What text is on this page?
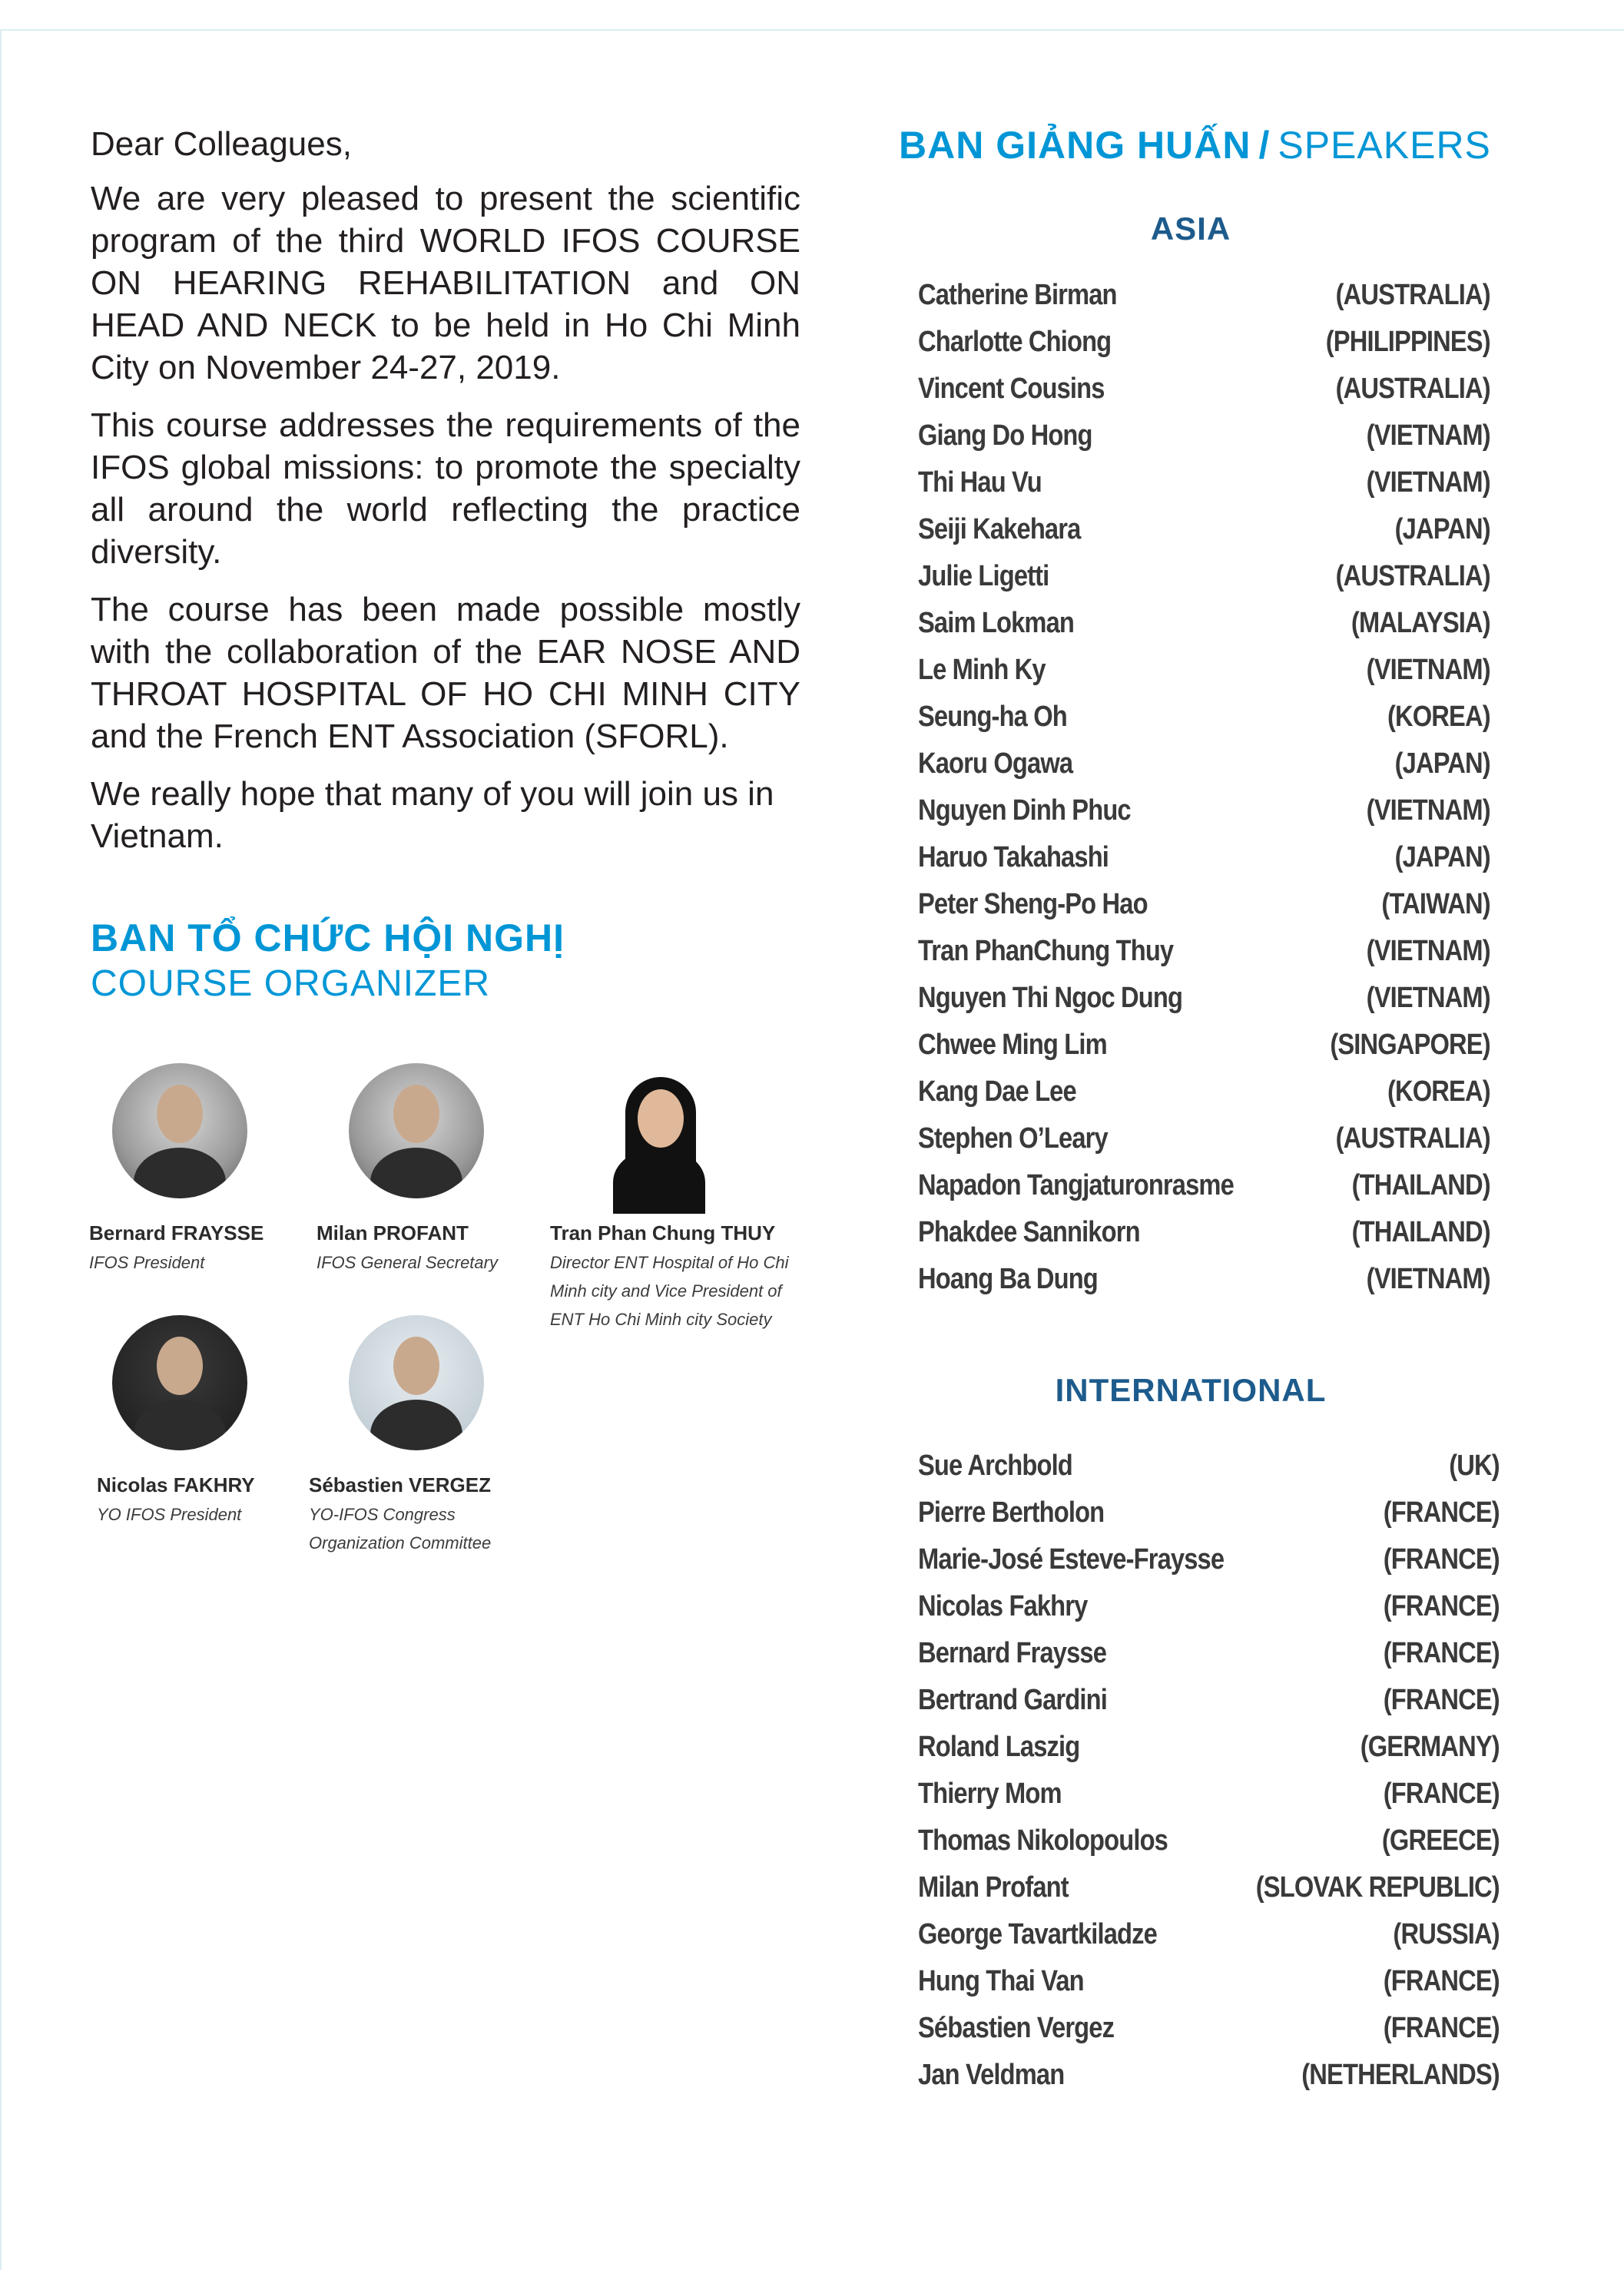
Dear Colleagues,

We are very pleased to present the scientific program of the third WORLD IFOS COURSE ON HEARING REHABILITATION and ON HEAD AND NECK to be held in Ho Chi Minh City on November 24-27, 2019.

This course addresses the requirements of the IFOS global missions: to promote the specialty all around the world reflecting the practice diversity.

The course has been made possible mostly with the collaboration of the EAR NOSE AND THROAT HOSPITAL OF HO CHI MINH CITY and the French ENT Association (SFORL).

We really hope that many of you will join us in Vietnam.

BAN TỔ CHỨC HỘI NGHỊ
COURSE ORGANIZER
Bernard FRAYSSE
IFOS President
Milan PROFANT
IFOS General Secretary
Tran Phan Chung THUY
Director ENT Hospital of Ho Chi Minh city and Vice President of ENT Ho Chi Minh city Society
Nicolas FAKHRY
YO IFOS President
Sébastien VERGEZ
YO-IFOS Congress Organization Committee
BAN GIẢNG HUẤN / SPEAKERS
ASIA
Catherine Birman	(AUSTRALIA)
Charlotte Chiong	(PHILIPPINES)
Vincent Cousins	(AUSTRALIA)
Giang Do Hong	(VIETNAM)
Thi Hau Vu	(VIETNAM)
Seiji Kakehara	(JAPAN)
Julie Ligetti	(AUSTRALIA)
Saim Lokman	(MALAYSIA)
Le Minh Ky	(VIETNAM)
Seung-ha Oh	(KOREA)
Kaoru Ogawa	(JAPAN)
Nguyen Dinh Phuc	(VIETNAM)
Haruo Takahashi	(JAPAN)
Peter Sheng-Po Hao	(TAIWAN)
Tran PhanChung Thuy	(VIETNAM)
Nguyen Thi Ngoc Dung	(VIETNAM)
Chwee Ming Lim	(SINGAPORE)
Kang Dae Lee	(KOREA)
Stephen O’Leary	(AUSTRALIA)
Napadon Tangjaturonrasme	(THAILAND)
Phakdee Sannikorn	(THAILAND)
Hoang Ba Dung	(VIETNAM)
INTERNATIONAL
Sue Archbold	(UK)
Pierre Bertholon	(FRANCE)
Marie-José Esteve-Fraysse	(FRANCE)
Nicolas Fakhry	(FRANCE)
Bernard Fraysse	(FRANCE)
Bertrand Gardini	(FRANCE)
Roland Laszig	(GERMANY)
Thierry Mom	(FRANCE)
Thomas Nikolopoulos	(GREECE)
Milan Profant	(SLOVAK REPUBLIC)
George Tavartkiladze	(RUSSIA)
Hung Thai Van	(FRANCE)
Sébastien Vergez	(FRANCE)
Jan Veldman	(NETHERLANDS)
